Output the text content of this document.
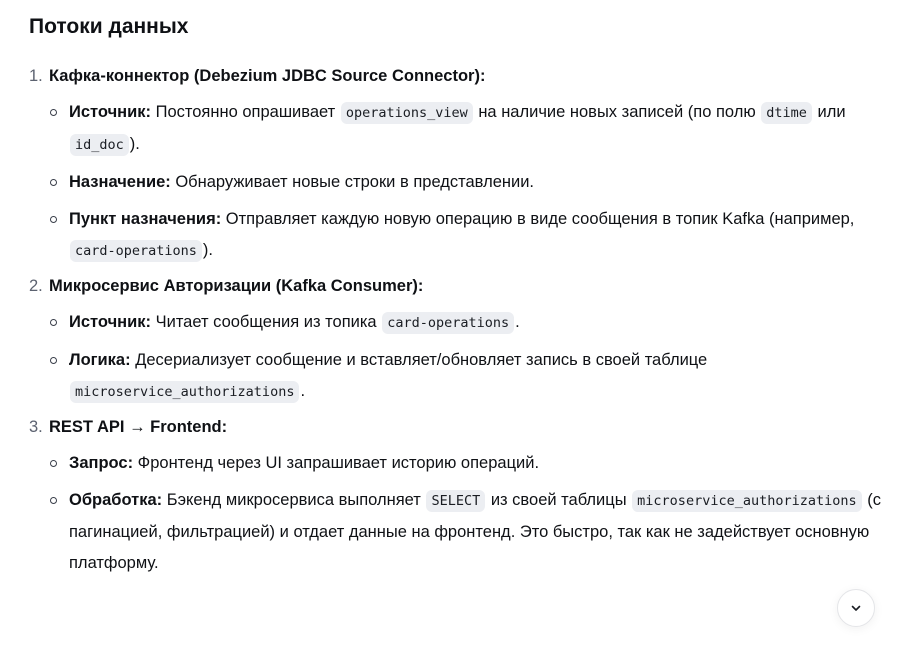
Потоки данных
1. Кафка-коннектор (Debezium JDBC Source Connector):
Источник: Постоянно опрашивает operations_view на наличие новых записей (по полю dtime или id_doc ).
Назначение: Обнаруживает новые строки в представлении.
Пункт назначения: Отправляет каждую новую операцию в виде сообщения в топик Kafka (например, card-operations ).
2. Микросервис Авторизации (Kafka Consumer):
Источник: Читает сообщения из топика card-operations .
Логика: Десериализует сообщение и вставляет/обновляет запись в своей таблице microservice_authorizations .
3. REST API → Frontend:
Запрос: Фронтенд через UI запрашивает историю операций.
Обработка: Бэкенд микросервиса выполняет SELECT из своей таблицы microservice_authorizations (с пагинацией, фильтрацией) и отдает данные на фронтенд. Это быстро, так как не задействует основную платформу.
